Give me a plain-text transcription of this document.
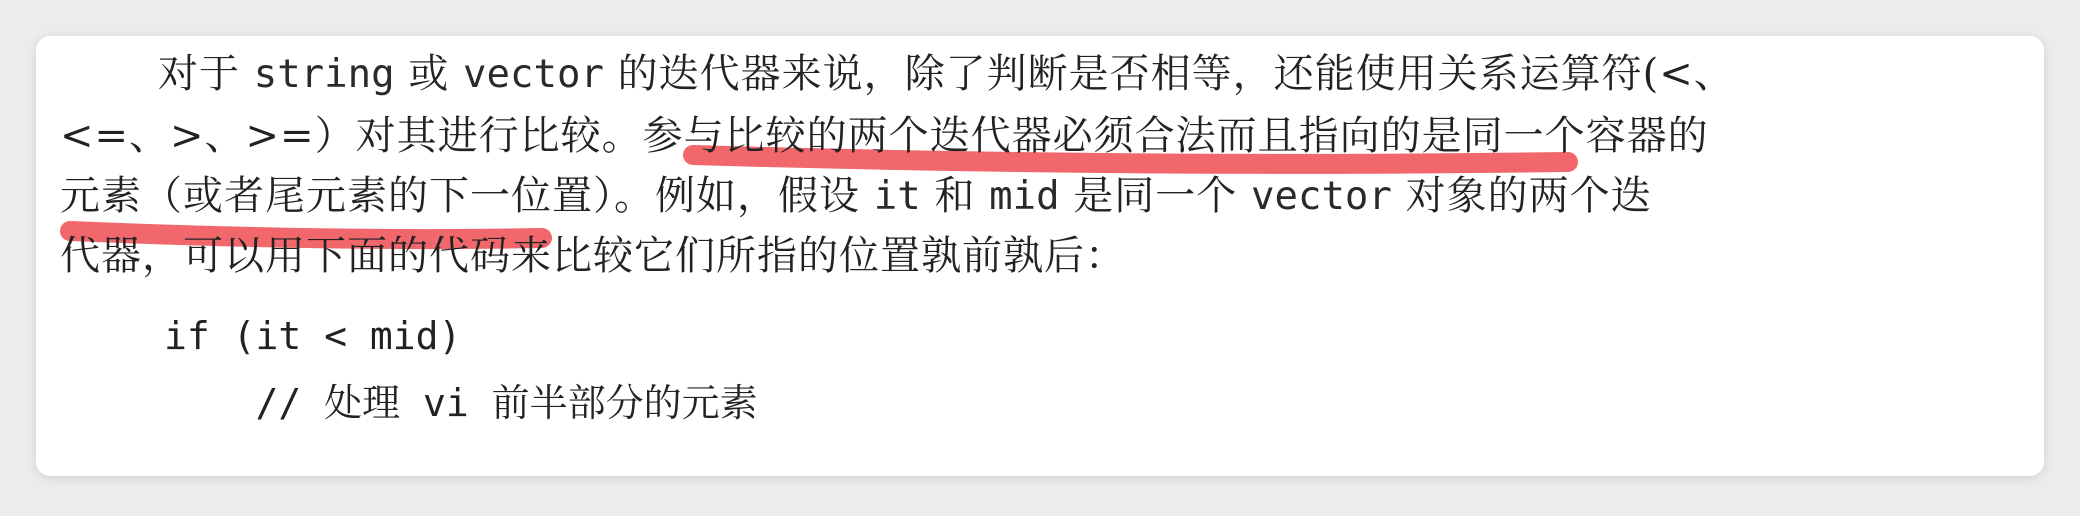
对于 string 或 vector 的迭代器来说，除了判断是否相等，还能使用关系运算符(<、
<=、>、>=）对其进行比较。参与比较的两个迭代器必须合法而且指向的是同一个容器的
元素（或者尾元素的下一位置）。例如，假设 it 和 mid 是同一个 vector 对象的两个迭
代器，可以用下面的代码来比较它们所指的位置孰前孰后：
if (it < mid)
// 处理 vi 前半部分的元素
